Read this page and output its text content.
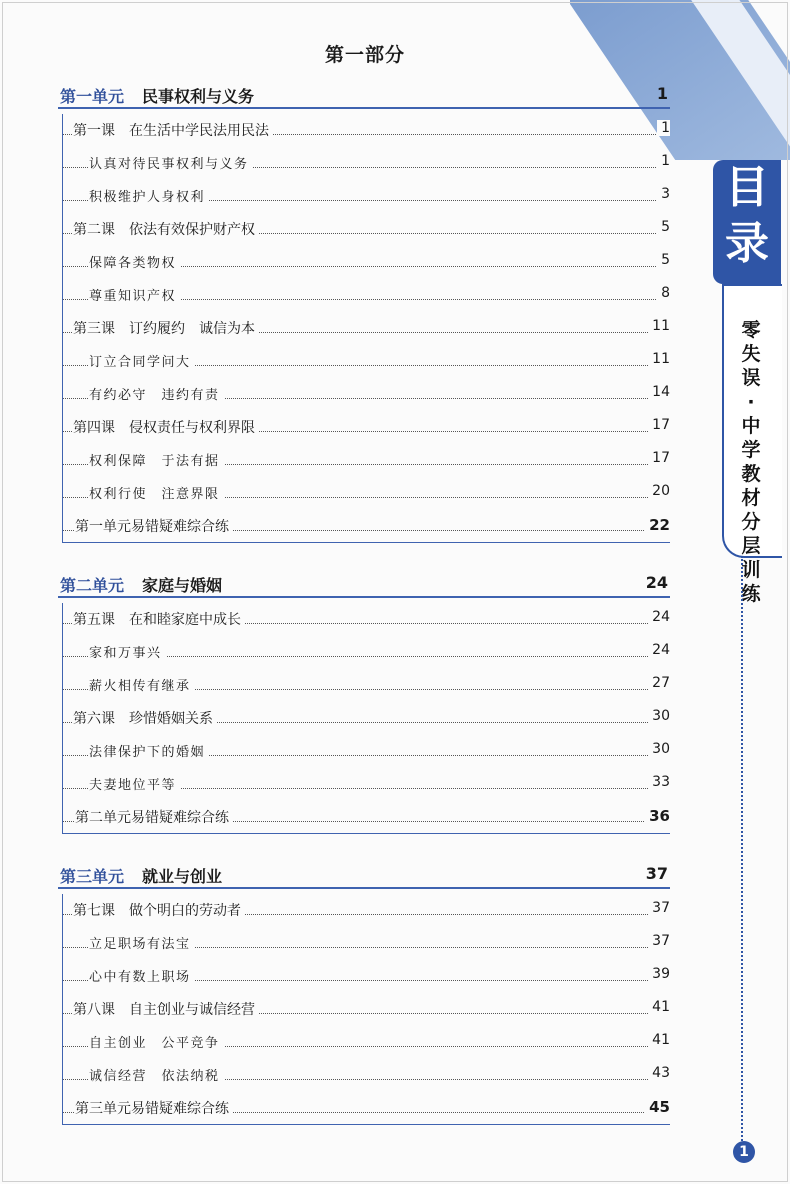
第一部分
第一单元 民事权利与义务	1
第一课　在生活中学民法用民法	1
认真对待民事权利与义务	1
积极维护人身权利	3
第二课　依法有效保护财产权	5
保障各类物权	5
尊重知识产权	8
第三课　订约履约　诚信为本	11
订立合同学问大	11
有约必守　违约有责	14
第四课　侵权责任与权利界限	17
权利保障　于法有据	17
权利行使　注意界限	20
第一单元易错疑难综合练	22
第二单元 家庭与婚姻	24
第五课　在和睦家庭中成长	24
家和万事兴	24
薪火相传有继承	27
第六课　珍惜婚姻关系	30
法律保护下的婚姻	30
夫妻地位平等	33
第二单元易错疑难综合练	36
第三单元 就业与创业	37
第七课　做个明白的劳动者	37
立足职场有法宝	37
心中有数上职场	39
第八课　自主创业与诚信经营	41
自主创业　公平竞争	41
诚信经营　依法纳税	43
第三单元易错疑难综合练	45
目
录
零
失
误
·
中
学
教
材
分
层
训
练
1
